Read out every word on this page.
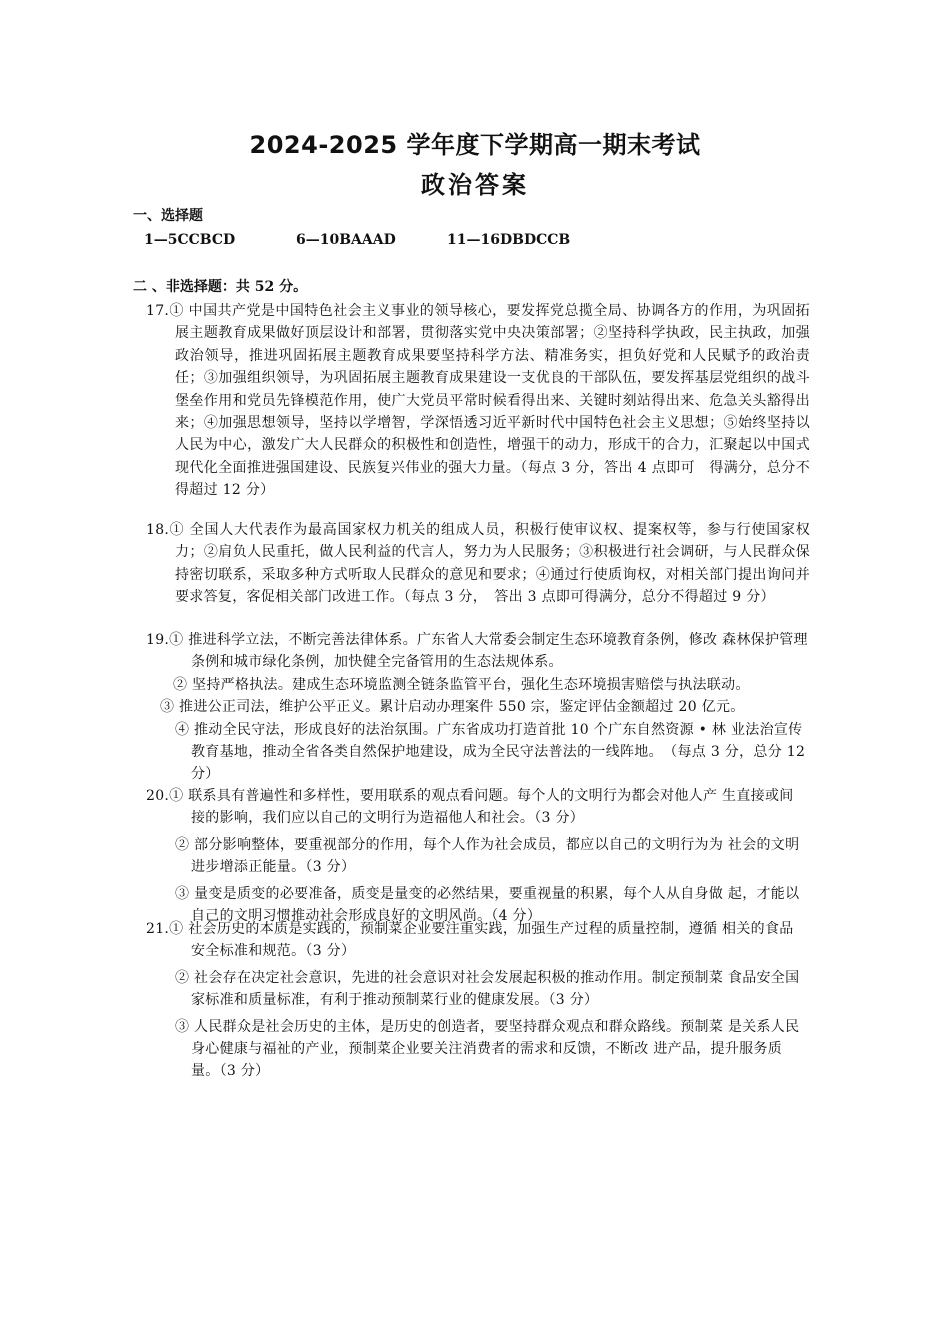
2024-2025 学年度下学期高一期末考试
政治答案
一、选择题
1—5CCBCD	6—10BAAAD	11—16DBDCCB
二 、非选择题：共 52 分。

17.① 中国共产党是中国特色社会主义事业的领导核心，要发挥党总揽全局、协调各方的作用，为巩固拓展主题教育成果做好顶层设计和部署，贯彻落实党中央决策部署；②坚持科学执政，民主执政，加强政治领导，推进巩固拓展主题教育成果要坚持科学方法、精准务实，担负好党和人民赋予的政治责任；③加强组织领导，为巩固拓展主题教育成果建设一支优良的干部队伍，要发挥基层党组织的战斗堡垒作用和党员先锋模范作用，使广大党员平常时候看得出来、关键时刻站得出来、危急关头豁得出来；④加强思想领导，坚持以学增智，学深悟透习近平新时代中国特色社会主义思想；⑤始终坚持以人民为中心，激发广大人民群众的积极性和创造性，增强干的动力，形成干的合力，汇聚起以中国式现代化全面推进强国建设、民族复兴伟业的强大力量。（每点 3 分，答出 4 点即可　得满分，总分不得超过 12 分）

18.① 全国人大代表作为最高国家权力机关的组成人员，积极行使审议权、提案权等，参与行使国家权力；②肩负人民重托，做人民利益的代言人，努力为人民服务；③积极进行社会调研，与人民群众保持密切联系，采取多种方式听取人民群众的意见和要求；④通过行使质询权，对相关部门提出询问并要求答复，客促相关部门改进工作。（每点 3 分，　答出 3 点即可得满分，总分不得超过 9 分）

19.① 推进科学立法，不断完善法律体系。广东省人大常委会制定生态环境教育条例，修改 森林保护管理条例和城市绿化条例，加快健全完备管用的生态法规体系。

② 坚持严格执法。建成生态环境监测全链条监管平台，强化生态环境损害赔偿与执法联动。

③ 推进公正司法，维护公平正义。累计启动办理案件 550 宗，鉴定评估金额超过 20 亿元。

④ 推动全民守法，形成良好的法治氛围。广东省成功打造首批 10 个广东自然资源 • 林 业法治宣传教育基地，推动全省各类自然保护地建设，成为全民守法普法的一线阵地。　（每点 3 分，总分 12 分）

20.① 联系具有普遍性和多样性，要用联系的观点看问题。每个人的文明行为都会对他人产 生直接或间接的影响，我们应以自己的文明行为造福他人和社会。（3 分）

② 部分影响整体，要重视部分的作用，每个人作为社会成员，都应以自己的文明行为为 社会的文明进步增添正能量。（3 分）

③ 量变是质变的必要准备，质变是量变的必然结果，要重视量的积累，每个人从自身做 起，才能以自己的文明习惯推动社会形成良好的文明风尚。（4 分）

21.① 社会历史的本质是实践的，预制菜企业要注重实践，加强生产过程的质量控制，遵循 相关的食品安全标准和规范。（3 分）

② 社会存在决定社会意识，先进的社会意识对社会发展起积极的推动作用。制定预制菜 食品安全国家标准和质量标准，有利于推动预制菜行业的健康发展。（3 分）

③ 人民群众是社会历史的主体，是历史的创造者，要坚持群众观点和群众路线。预制菜 是关系人民身心健康与福祉的产业，预制菜企业要关注消费者的需求和反馈，不断改 进产品，提升服务质量。（3 分）
